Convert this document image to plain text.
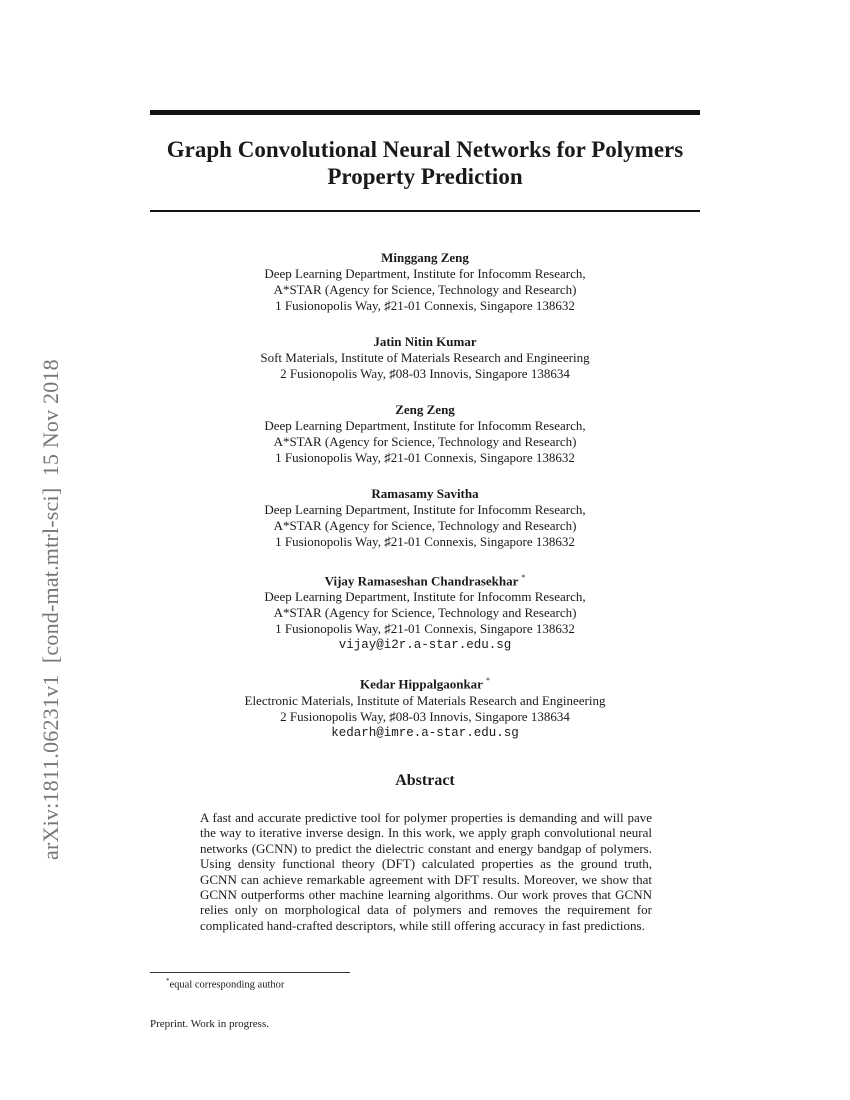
arXiv:1811.06231v1  [cond-mat.mtrl-sci]  15 Nov 2018
Graph Convolutional Neural Networks for Polymers Property Prediction
Minggang Zeng
Deep Learning Department, Institute for Infocomm Research,
A*STAR (Agency for Science, Technology and Research)
1 Fusionopolis Way, ♯21-01 Connexis, Singapore 138632
Jatin Nitin Kumar
Soft Materials, Institute of Materials Research and Engineering
2 Fusionopolis Way, ♯08-03 Innovis, Singapore 138634
Zeng Zeng
Deep Learning Department, Institute for Infocomm Research,
A*STAR (Agency for Science, Technology and Research)
1 Fusionopolis Way, ♯21-01 Connexis, Singapore 138632
Ramasamy Savitha
Deep Learning Department, Institute for Infocomm Research,
A*STAR (Agency for Science, Technology and Research)
1 Fusionopolis Way, ♯21-01 Connexis, Singapore 138632
Vijay Ramaseshan Chandrasekhar *
Deep Learning Department, Institute for Infocomm Research,
A*STAR (Agency for Science, Technology and Research)
1 Fusionopolis Way, ♯21-01 Connexis, Singapore 138632
vijay@i2r.a-star.edu.sg
Kedar Hippalgaonkar *
Electronic Materials, Institute of Materials Research and Engineering
2 Fusionopolis Way, ♯08-03 Innovis, Singapore 138634
kedarh@imre.a-star.edu.sg
Abstract
A fast and accurate predictive tool for polymer properties is demanding and will pave the way to iterative inverse design. In this work, we apply graph convolutional neural networks (GCNN) to predict the dielectric constant and energy bandgap of polymers. Using density functional theory (DFT) calculated properties as the ground truth, GCNN can achieve remarkable agreement with DFT results. Moreover, we show that GCNN outperforms other machine learning algorithms. Our work proves that GCNN relies only on morphological data of polymers and removes the requirement for complicated hand-crafted descriptors, while still offering accuracy in fast predictions.
*equal corresponding author
Preprint. Work in progress.
